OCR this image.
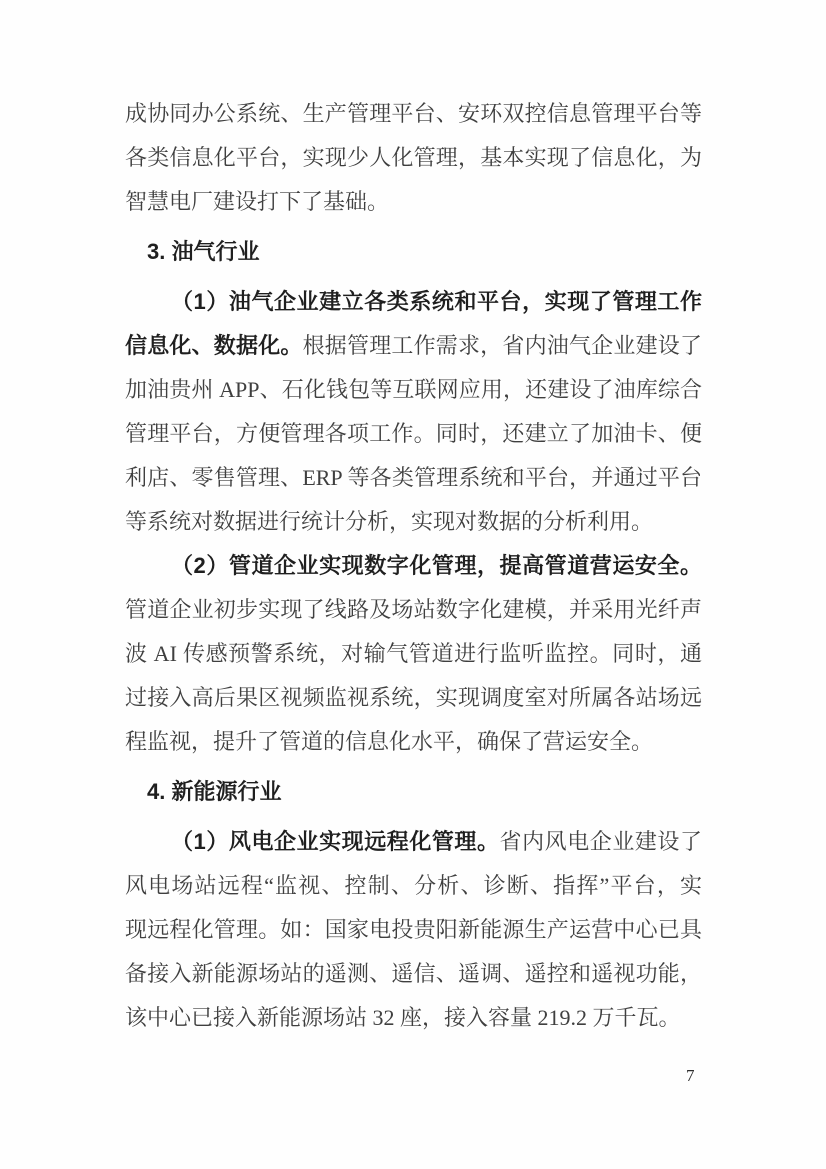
成协同办公系统、生产管理平台、安环双控信息管理平台等
各类信息化平台，实现少人化管理，基本实现了信息化，为
智慧电厂建设打下了基础。
3. 油气行业
（1）油气企业建立各类系统和平台，实现了管理工作
信息化、数据化。根据管理工作需求，省内油气企业建设了
加油贵州 APP、石化钱包等互联网应用，还建设了油库综合
管理平台，方便管理各项工作。同时，还建立了加油卡、便
利店、零售管理、ERP 等各类管理系统和平台，并通过平台
等系统对数据进行统计分析，实现对数据的分析利用。
（2）管道企业实现数字化管理，提高管道营运安全。
管道企业初步实现了线路及场站数字化建模，并采用光纤声
波 AI 传感预警系统，对输气管道进行监听监控。同时，通
过接入高后果区视频监视系统，实现调度室对所属各站场远
程监视，提升了管道的信息化水平，确保了营运安全。
4. 新能源行业
（1）风电企业实现远程化管理。省内风电企业建设了
风电场站远程“监视、控制、分析、诊断、指挥”平台，实
现远程化管理。如：国家电投贵阳新能源生产运营中心已具
备接入新能源场站的遥测、遥信、遥调、遥控和遥视功能，
该中心已接入新能源场站 32 座，接入容量 219.2 万千瓦。
7
